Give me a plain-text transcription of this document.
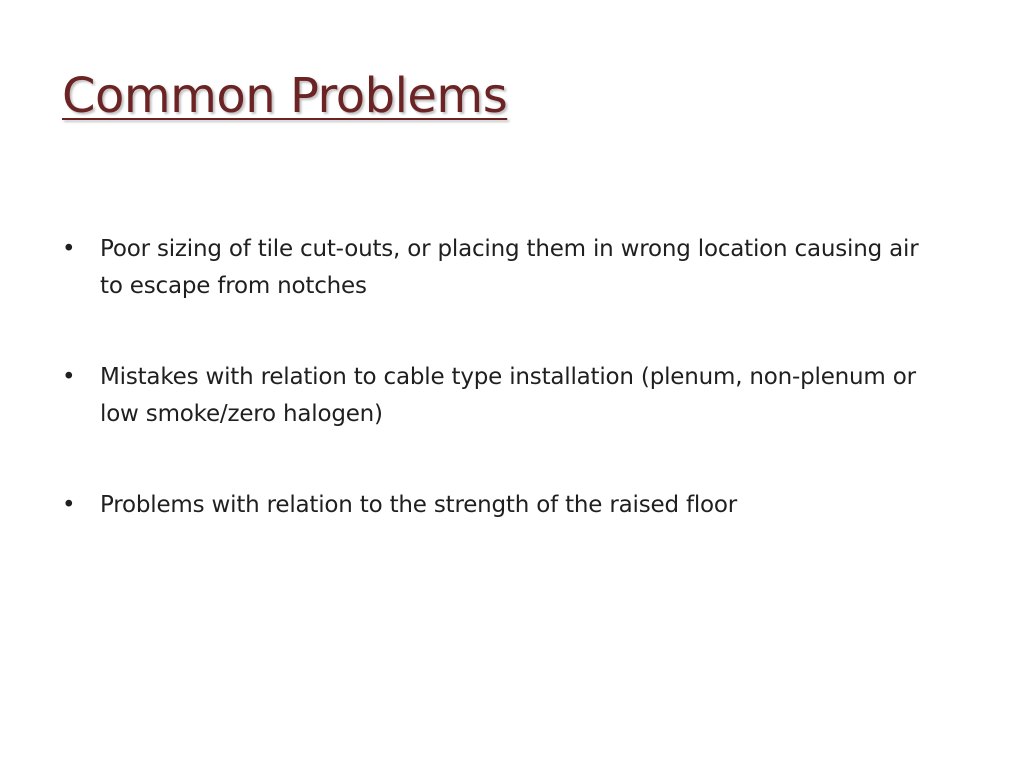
Common Problems
•	Poor sizing of tile cut-outs, or placing them in wrong location causing air to escape from notches
•	Mistakes with relation to cable type installation (plenum, non-plenum or low smoke/zero halogen)
•	Problems with relation to the strength of the raised floor
